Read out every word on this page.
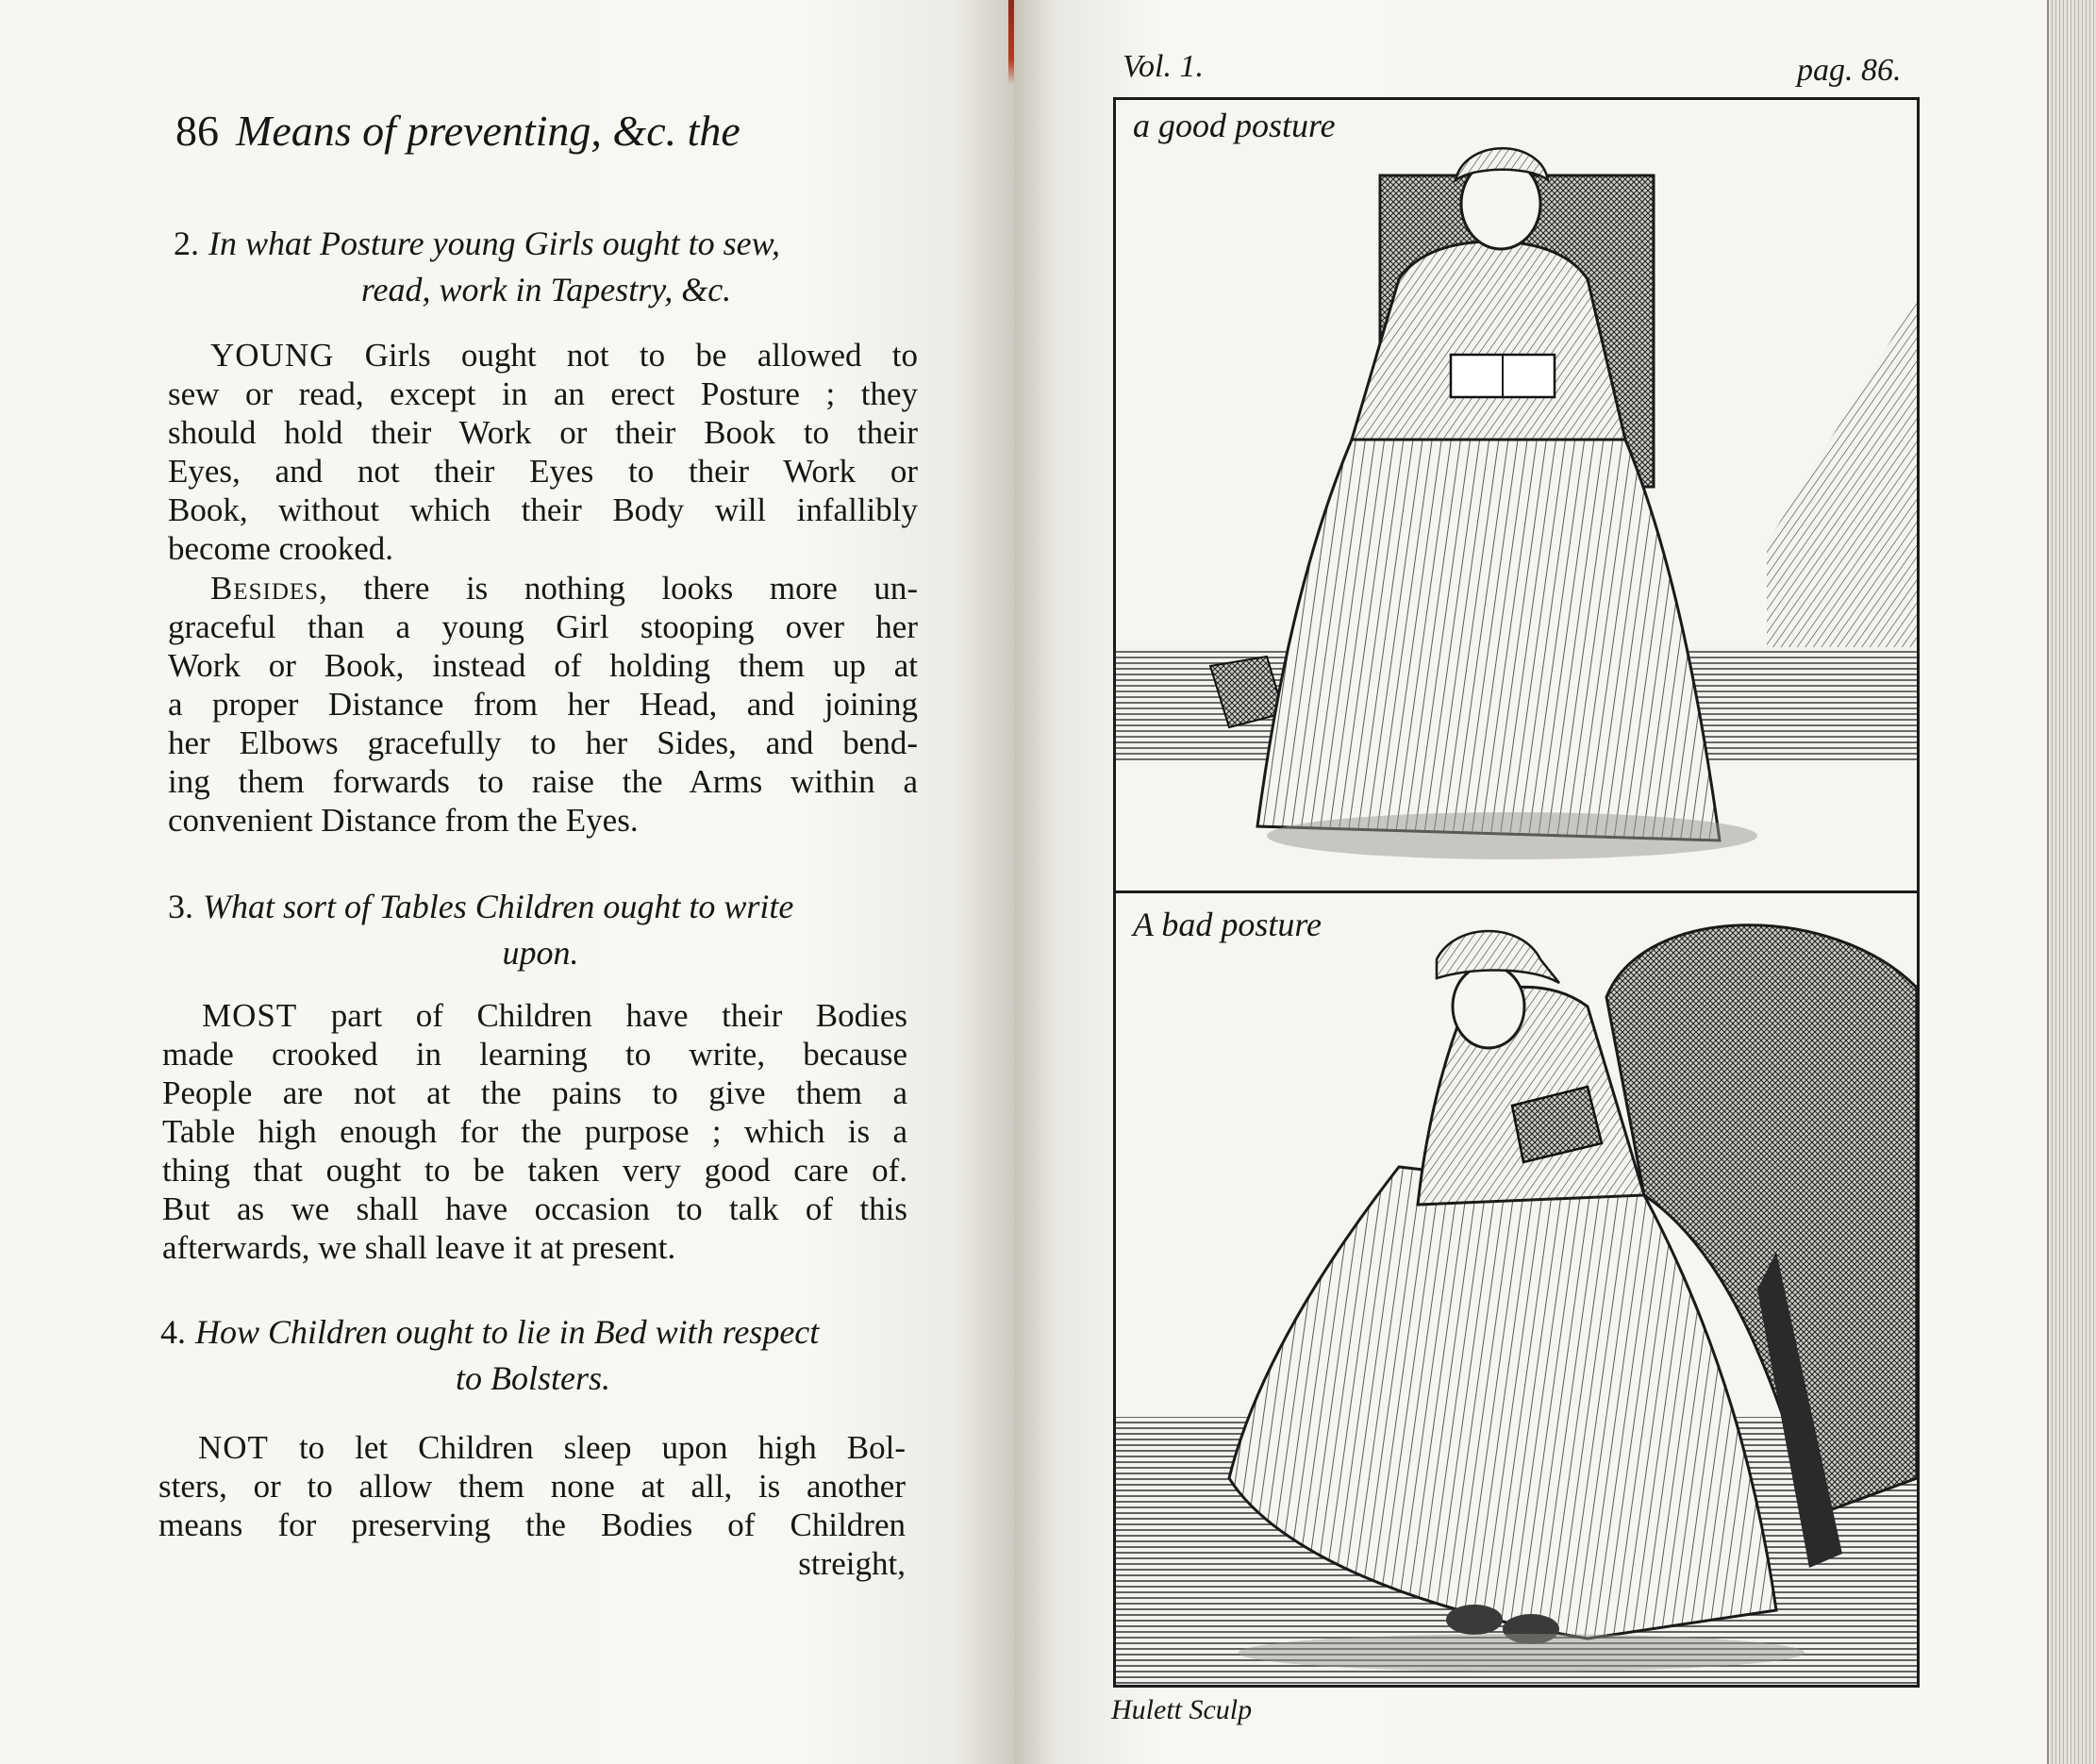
86 Means of preventing, &c. the
2. In what Posture young Girls ought to sew,
read, work in Tapestry, &c.
YOUNG Girls ought not to be allowed to
sew or read, except in an erect Posture ; they
should hold their Work or their Book to their
Eyes, and not their Eyes to their Work or
Book, without which their Body will infallibly
become crooked.
Besides, there is nothing looks more un-
graceful than a young Girl stooping over her
Work or Book, instead of holding them up at
a proper Distance from her Head, and joining
her Elbows gracefully to her Sides, and bend-
ing them forwards to raise the Arms within a
convenient Distance from the Eyes.
3. What sort of Tables Children ought to write
upon.
MOST part of Children have their Bodies
made crooked in learning to write, because
People are not at the pains to give them a
Table high enough for the purpose ; which is a
thing that ought to be taken very good care of.
But as we shall have occasion to talk of this
afterwards, we shall leave it at present.
4. How Children ought to lie in Bed with respect
to Bolsters.
NOT to let Children sleep upon high Bol-
sters, or to allow them none at all, is another
means for preserving the Bodies of Children
streight,
Vol. 1.	pag. 86.
a good posture
A bad posture
Hulett Sculp
